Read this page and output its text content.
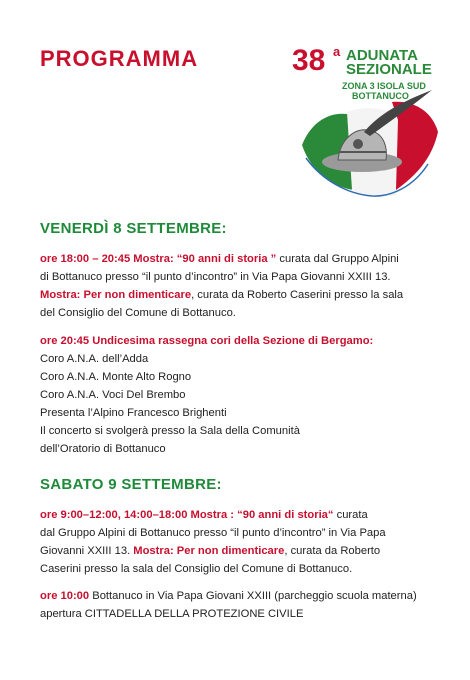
PROGRAMMA	38 a ADUNATA
SEZIONALE
ZONA 3 ISOLA SUD
BOTTANUCO
VENERDÌ 8 SETTEMBRE:
ore 18:00 – 20:45 Mostra: “90 anni di storia ” curata dal Gruppo Alpini
di Bottanuco presso “il punto d’incontro” in Via Papa Giovanni XXIII 13.
Mostra: Per non dimenticare, curata da Roberto Caserini presso la sala
del Consiglio del Comune di Bottanuco.
ore 20:45 Undicesima rassegna cori della Sezione di Bergamo:
Coro A.N.A. dell’Adda
Coro A.N.A. Monte Alto Rogno
Coro A.N.A. Voci Del Brembo
Presenta l’Alpino Francesco Brighenti
Il concerto si svolgerà presso la Sala della Comunità
dell’Oratorio di Bottanuco
SABATO 9 SETTEMBRE:
ore 9:00–12:00, 14:00–18:00 Mostra : “90 anni di storia“ curata
dal Gruppo Alpini di Bottanuco presso “il punto d’incontro” in Via Papa
Giovanni XXIII 13. Mostra: Per non dimenticare, curata da Roberto
Caserini presso la sala del Consiglio del Comune di Bottanuco.
ore 10:00 Bottanuco in Via Papa Giovani XXIII (parcheggio scuola materna)
apertura CITTADELLA DELLA PROTEZIONE CIVILE
